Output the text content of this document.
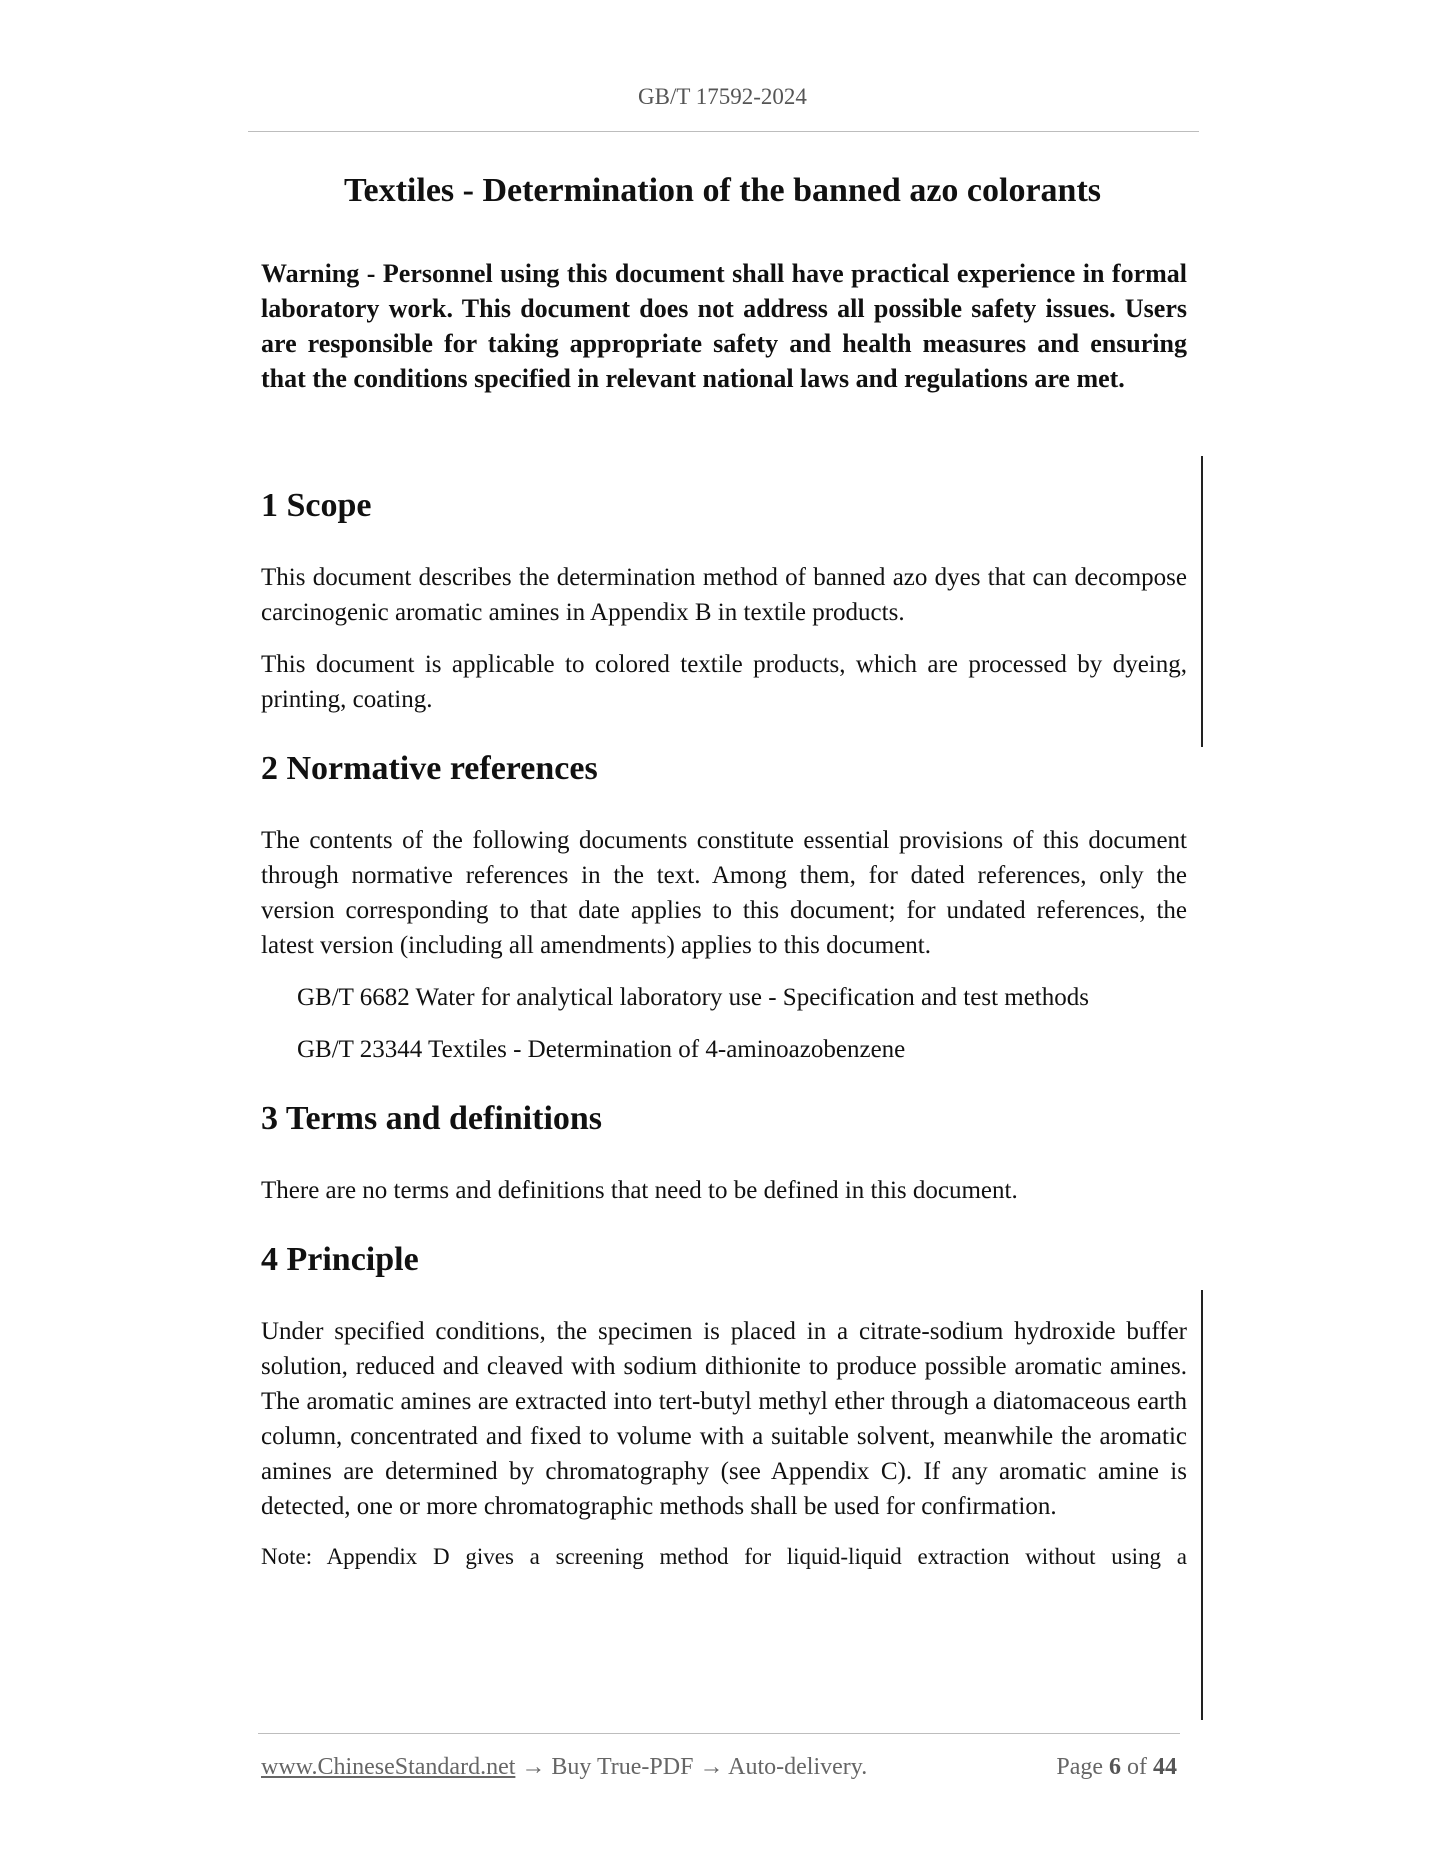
GB/T 17592-2024
Textiles - Determination of the banned azo colorants

Warning - Personnel using this document shall have practical experience in formal laboratory work. This document does not address all possible safety issues. Users are responsible for taking appropriate safety and health measures and ensuring that the conditions specified in relevant national laws and regulations are met.

1 Scope

This document describes the determination method of banned azo dyes that can decompose carcinogenic aromatic amines in Appendix B in textile products.

This document is applicable to colored textile products, which are processed by dyeing, printing, coating.

2 Normative references

The contents of the following documents constitute essential provisions of this document through normative references in the text. Among them, for dated references, only the version corresponding to that date applies to this document; for undated references, the latest version (including all amendments) applies to this document.

GB/T 6682 Water for analytical laboratory use - Specification and test methods

GB/T 23344 Textiles - Determination of 4-aminoazobenzene

3 Terms and definitions

There are no terms and definitions that need to be defined in this document.

4 Principle

Under specified conditions, the specimen is placed in a citrate-sodium hydroxide buffer solution, reduced and cleaved with sodium dithionite to produce possible aromatic amines. The aromatic amines are extracted into tert-butyl methyl ether through a diatomaceous earth column, concentrated and fixed to volume with a suitable solvent, meanwhile the aromatic amines are determined by chromatography (see Appendix C). If any aromatic amine is detected, one or more chromatographic methods shall be used for confirmation.

Note: Appendix D gives a screening method for liquid-liquid extraction without using a

www.ChineseStandard.net → Buy True-PDF → Auto-delivery.	Page 6 of 44
